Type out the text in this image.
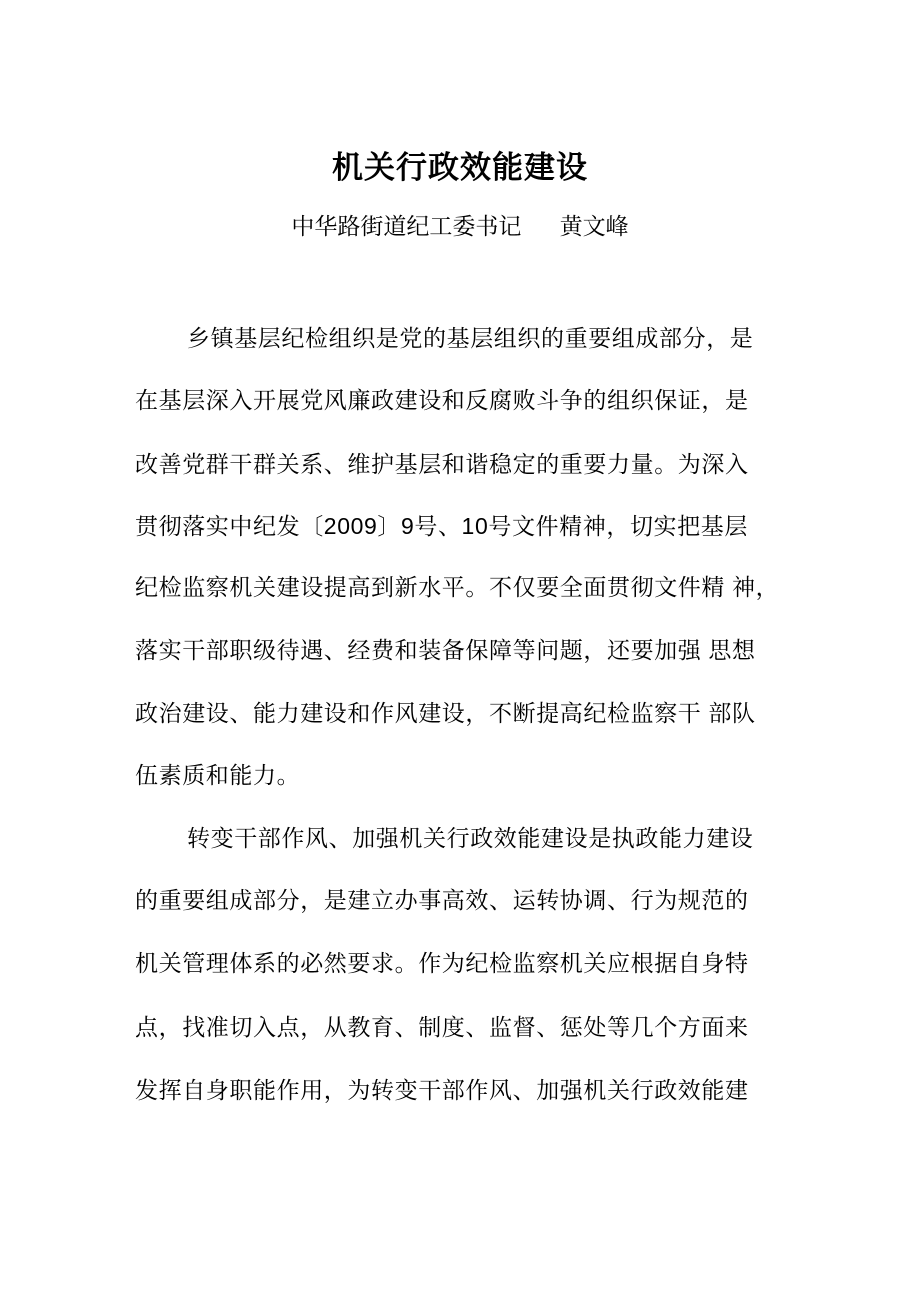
机关行政效能建设
中华路街道纪工委书记 黄文峰
乡镇基层纪检组织是党的基层组织的重要组成部分，是
在基层深入开展党风廉政建设和反腐败斗争的组织保证，是
改善党群干群关系、维护基层和谐稳定的重要力量。为深入
贯彻落实中纪发〔2009〕9号、10号文件精神，切实把基层
纪检监察机关建设提高到新水平。不仅要全面贯彻文件精 神，
落实干部职级待遇、经费和装备保障等问题，还要加强 思想
政治建设、能力建设和作风建设，不断提高纪检监察干 部队
伍素质和能力。
转变干部作风、加强机关行政效能建设是执政能力建设
的重要组成部分，是建立办事高效、运转协调、行为规范的
机关管理体系的必然要求。作为纪检监察机关应根据自身特
点，找准切入点，从教育、制度、监督、惩处等几个方面来
发挥自身职能作用，为转变干部作风、加强机关行政效能建
